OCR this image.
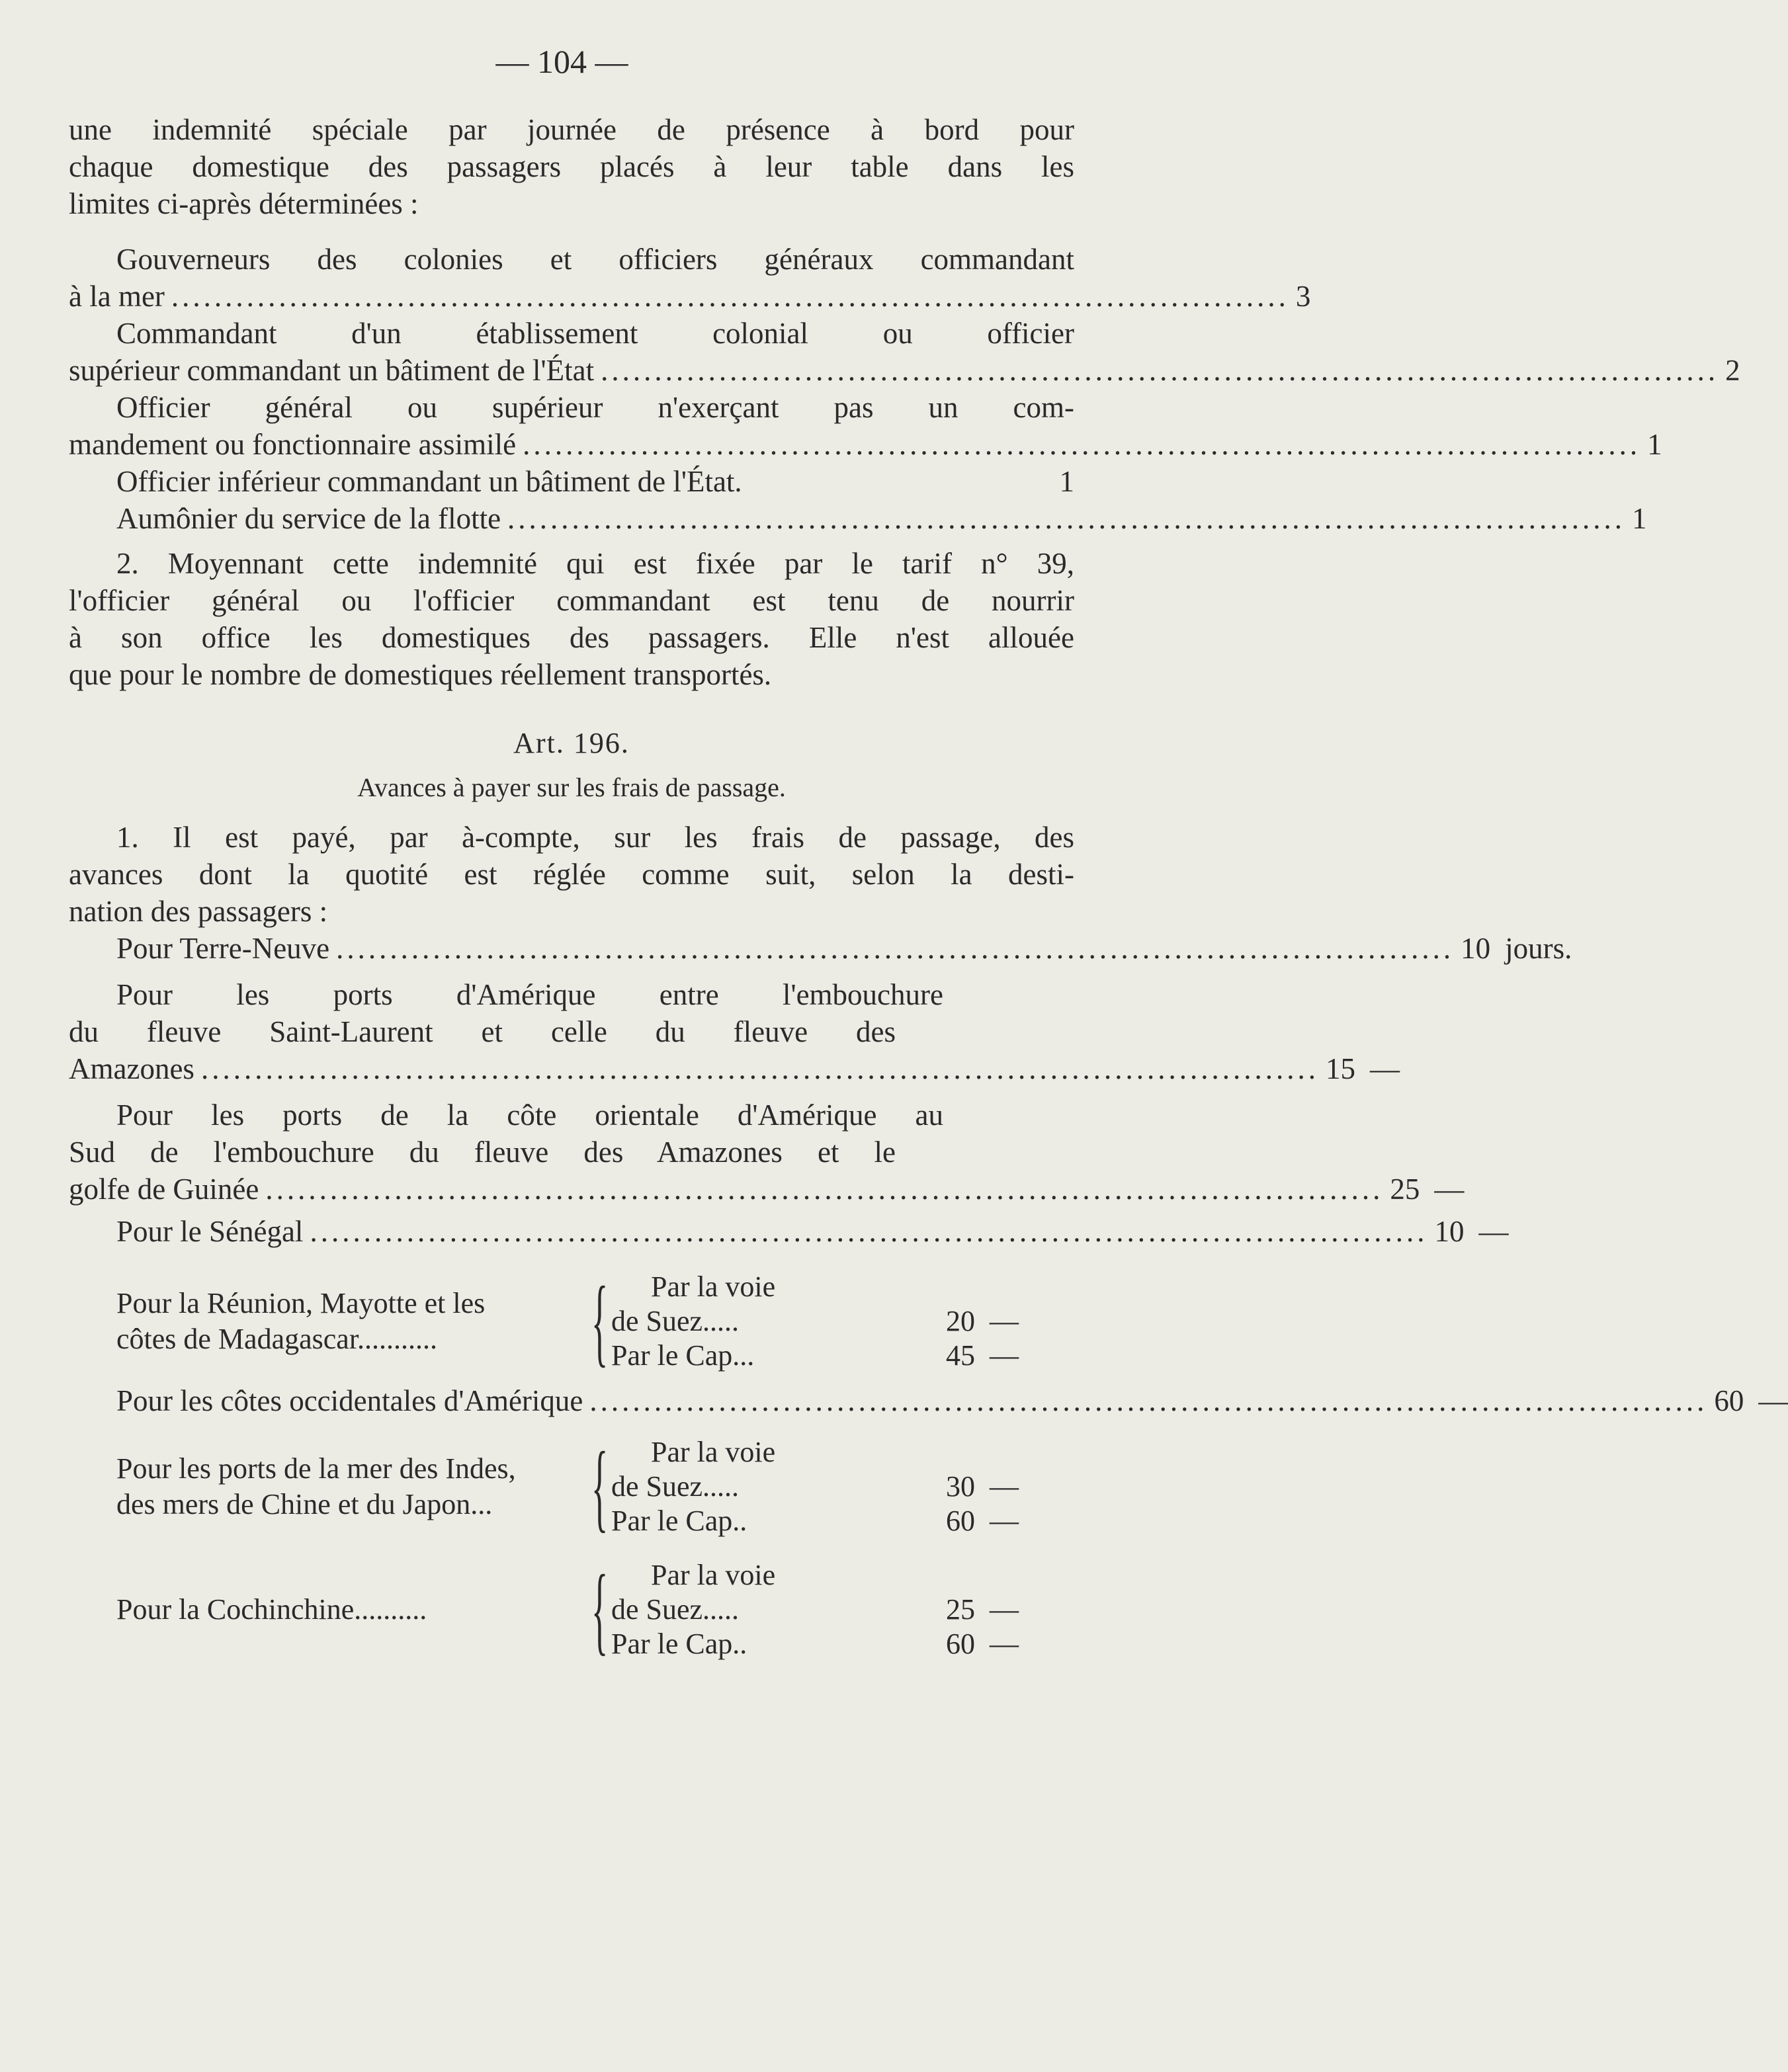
— 104 —

une indemnité spéciale par journée de présence à bord pour

chaque domestique des passagers placés à leur table dans les

limites ci-après déterminées :

Gouverneurs des colonies et officiers généraux commandant

à la mer ........................................................................................................ 3

Commandant d'un établissement colonial ou officier

supérieur commandant un bâtiment de l'État ........................................................................................................ 2

Officier général ou supérieur n'exerçant pas un com-

mandement ou fonctionnaire assimilé ........................................................................................................ 1
Officier inférieur commandant un bâtiment de l'État.	1
Aumônier du service de la flotte ........................................................................................................ 1

2. Moyennant cette indemnité qui est fixée par le tarif n° 39,

l'officier général ou l'officier commandant est tenu de nourrir

à son office les domestiques des passagers. Elle n'est allouée

que pour le nombre de domestiques réellement transportés.

Art. 196.
Avances à payer sur les frais de passage.

1. Il est payé, par à-compte, sur les frais de passage, des

avances dont la quotité est réglée comme suit, selon la desti-

nation des passagers :

Pour Terre-Neuve ........................................................................................................ 10 jours.

Pour les ports d'Amérique entre l'embouchure

du fleuve Saint-Laurent et celle du fleuve des

Amazones ........................................................................................................ 15 —

Pour les ports de la côte orientale d'Amérique au

Sud de l'embouchure du fleuve des Amazones et le

golfe de Guinée ........................................................................................................ 25 —
Pour le Sénégal ........................................................................................................ 10 —
Pour la Réunion, Mayotte et les
côtes de Madagascar...........	{	Par la voie
de Suez.....	20 —
Par le Cap...	45 —
Pour les côtes occidentales d'Amérique ........................................................................................................ 60 —
Pour les ports de la mer des Indes,
des mers de Chine et du Japon... {	Par la voie
de Suez.....	30 —
Par le Cap..	60 —
Pour la Cochinchine..........	{	Par la voie
de Suez.....	25 —
Par le Cap..	60 —
